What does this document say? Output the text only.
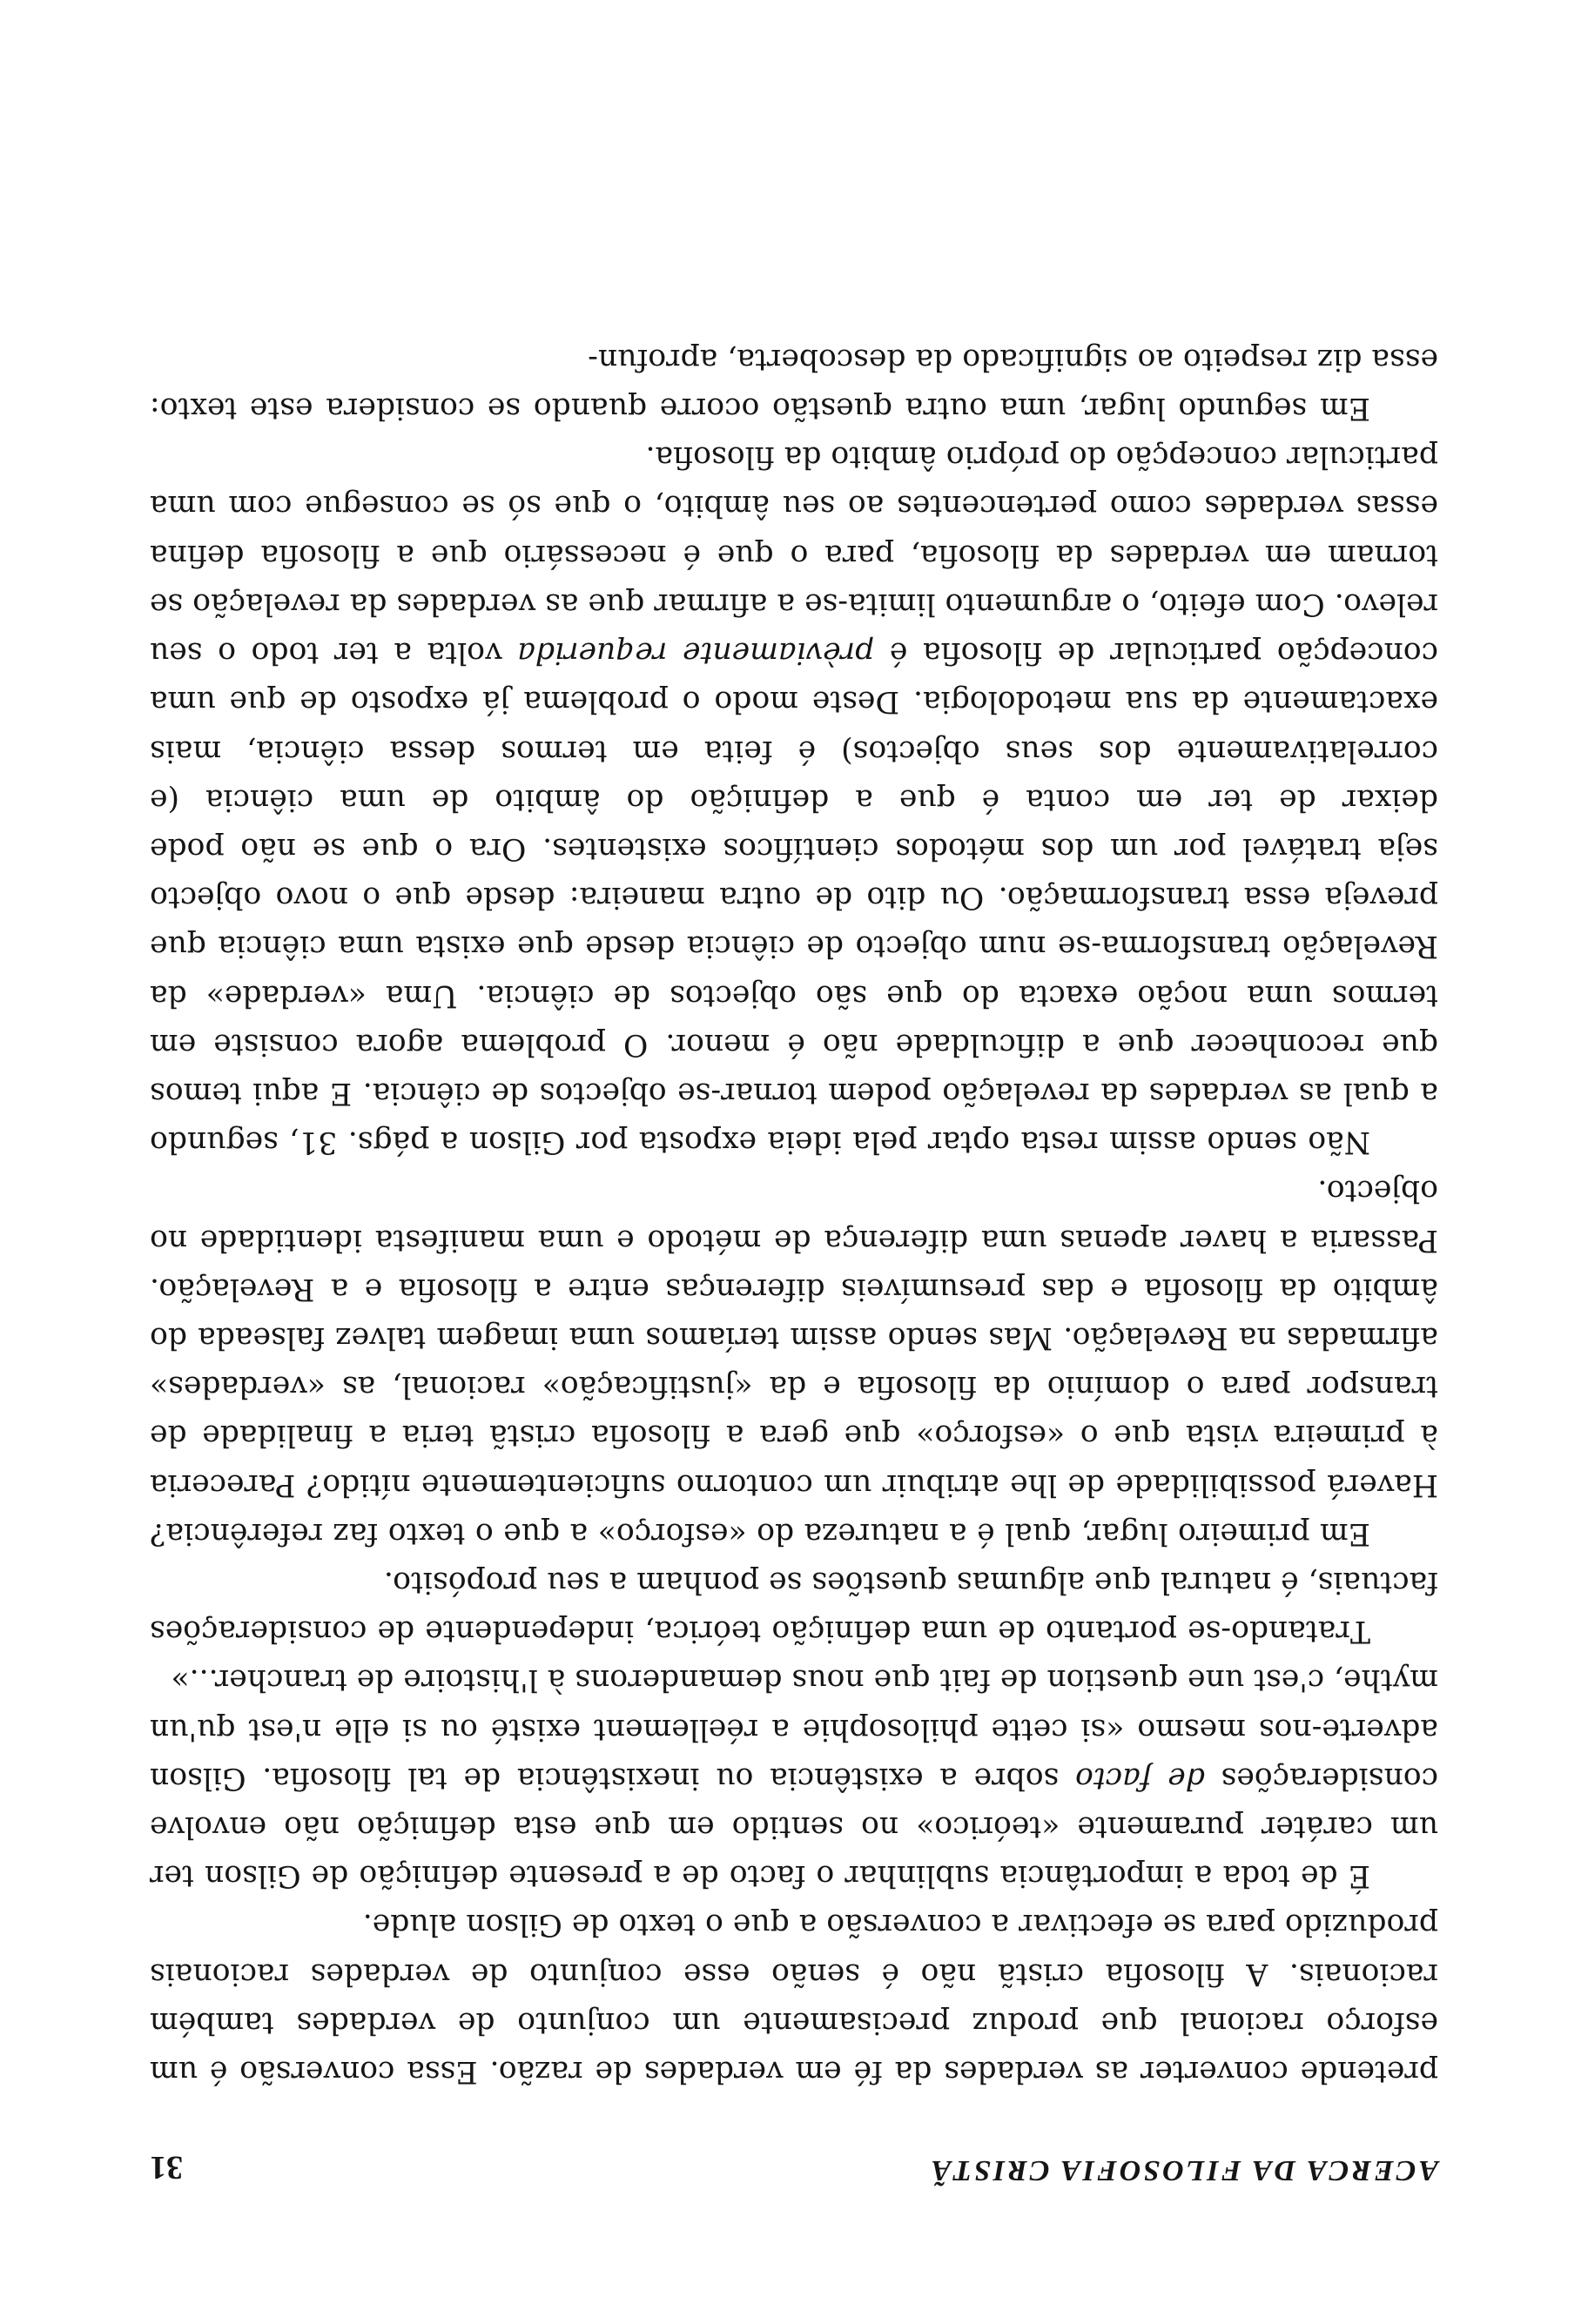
ACERCA DA FILOSOFIA CRISTÃ
31

pretende converter as verdades da fé em verdades de razão. Essa conversão é um esforço racional que produz precisamente um conjunto de verdades também racionais. A filosofia cristã não é senão esse conjunto de verdades racionais produzido para se efectivar a conversão a que o texto de Gilson alude.

É de toda a importância sublinhar o facto de a presente definição de Gilson ter um caráter puramente «teórico» no sentido em que esta definição não envolve considerações de facto sobre a existência ou inexistência de tal filosofia. Gilson adverte-nos mesmo «si cette philosophie a réellement existé ou si elle n'est qu'un mythe, c'est une question de fait que nous demanderons à l'histoire de trancher...»

Tratando-se portanto de uma definição teórica, independente de considerações factuais, é natural que algumas questões se ponham a seu propósito.

Em primeiro lugar, qual é a natureza do «esforço» a que o texto faz referência? Haverá possibilidade de lhe atribuir um contorno suficientemente nítido? Pareceria à primeira vista que o «esforço» que gera a filosofia cristã teria a finalidade de transpor para o domínio da filosofia e da «justificação» racional, as «verdades» afirmadas na Revelação. Mas sendo assim teríamos uma imagem talvez falseada do âmbito da filosofia e das presumíveis diferenças entre a filosofia e a Revelação. Passaria a haver apenas uma diferença de método e uma manifesta identidade no objecto.

Não sendo assim resta optar pela ideia exposta por Gilson a págs. 31, segundo a qual as verdades da revelação podem tornar-se objectos de ciência. E aqui temos que reconhecer que a dificuldade não é menor. O problema agora consiste em termos uma noção exacta do que são objectos de ciência. Uma «verdade» da Revelação transforma-se num objecto de ciência desde que exista uma ciência que preveja essa transformação. Ou dito de outra maneira: desde que o novo objecto seja tratável por um dos métodos científicos existentes. Ora o que se não pode deixar de ter em conta é que a definição do âmbito de uma ciência (e correlativamente dos seus objectos) é feita em termos dessa ciência, mais exactamente da sua metodologia. Deste modo o problema já exposto de que uma concepção particular de filosofia é prèviamente requerida volta a ter todo o seu relevo. Com efeito, o argumento limita-se a afirmar que as verdades da revelação se tornam em verdades da filosofia, para o que é necessário que a filosofia defina essas verdades como pertencentes ao seu âmbito, o que só se consegue com uma particular concepção do próprio âmbito da filosofia.

Em segundo lugar, uma outra questão ocorre quando se considera este texto: essa diz respeito ao significado da descoberta, aprofun-
